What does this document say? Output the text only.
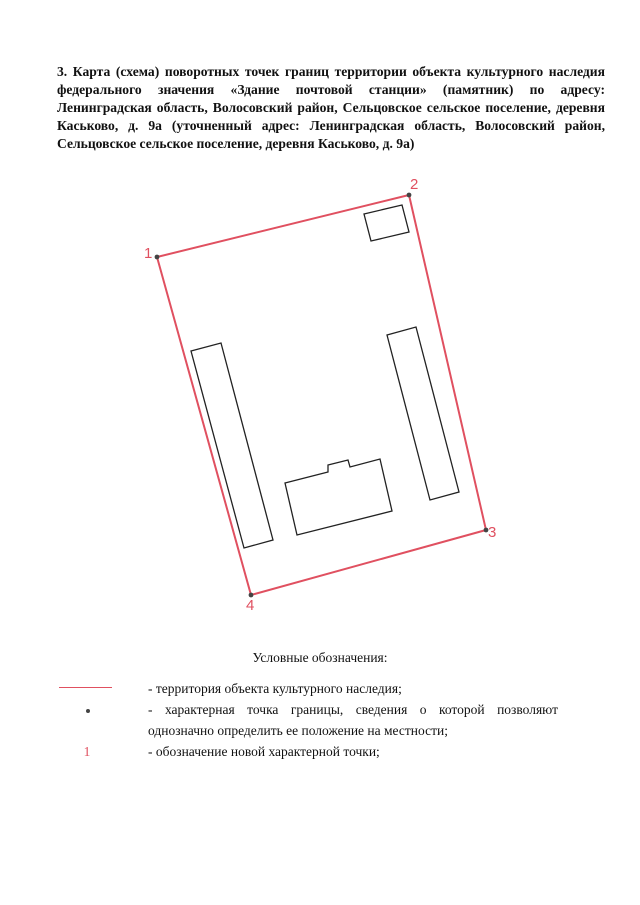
3. Карта (схема) поворотных точек границ территории объекта культурного наследия федерального значения «Здание почтовой станции» (памятник) по адресу: Ленинградская область, Волосовский район, Сельцовское сельское поселение, деревня Каськово, д. 9а (уточненный адрес: Ленинградская область, Волосовский район, Сельцовское сельское поселение, деревня Каськово, д. 9а)

1
2
3
4
Условные обозначения:

- территория объекта культурного наследия;

- характерная точка границы, сведения о которой позволяют однозначно определить ее положение на местности;

1	- обозначение новой характерной точки;
